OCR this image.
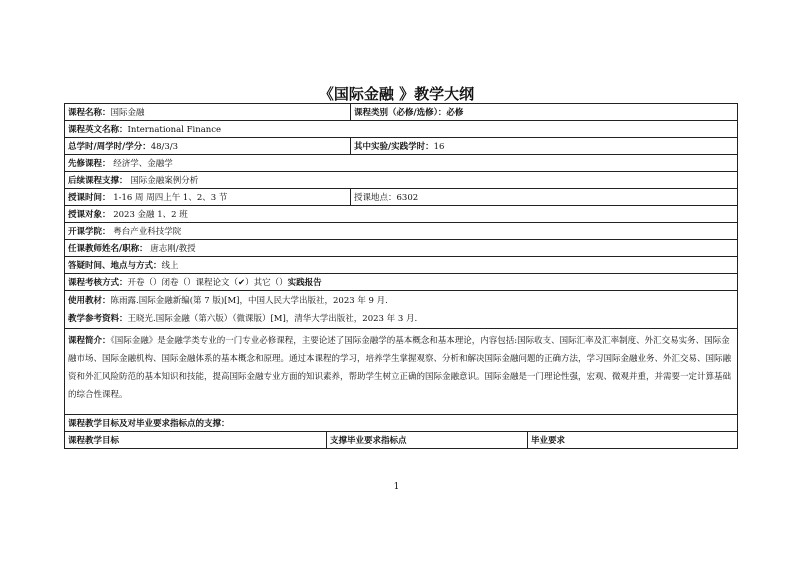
《国际金融 》教学大纲
课程名称：国际金融		课程类别（必修/选修）：必修	
课程英文名称：International Finance			
总学时/周学时/学分：48/3/3		其中实验/实践学时：16	
先修课程： 经济学、金融学			
后续课程支撑： 国际金融案例分析			
授课时间： 1-16 周 周四上午 1、2、3 节		授课地点：6302	
授课对象： 2023 金融 1、2 班			
开课学院： 粤台产业科技学院			
任课教师姓名/职称： 唐志刚/教授			
答疑时间、地点与方式：线上			
课程考核方式：开卷（）闭卷（）课程论文（✔）其它（）实践报告			

使用教材：陈雨露.国际金融新编(第 7 版)[M]，中国人民大学出版社，2023 年 9 月.
教学参考资料：王晓光.国际金融（第六版）（微课版）[M]，清华大学出版社，2023 年 3 月.			

课程简介：《国际金融》是金融学类专业的一门专业必修课程，主要论述了国际金融学的基本概念和基本理论，内容包括:国际收支、国际汇率及汇率制度、外汇交易实务、国际金融市场、国际金融机构、国际金融体系的基本概念和原理。通过本课程的学习，培养学生掌握观察、分析和解决国际金融问题的正确方法，学习国际金融业务、外汇交易、国际融资和外汇风险防范的基本知识和技能，提高国际金融专业方面的知识素养，帮助学生树立正确的国际金融意识。国际金融是一门理论性强，宏观、微观并重，并需要一定计算基础的综合性课程。			
课程教学目标及对毕业要求指标点的支撑：			
课程教学目标	支撑毕业要求指标点		毕业要求
1
